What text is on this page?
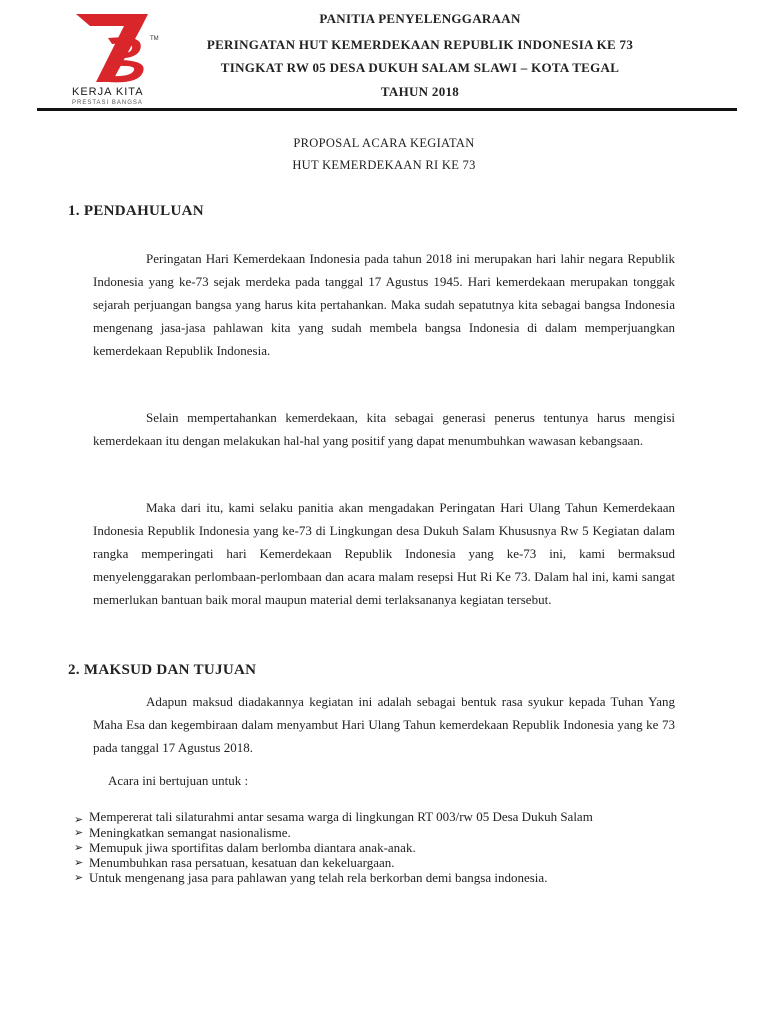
TM
KERJA KITA
PRESTASI BANGSA
PANITIA PENYELENGGARAAN
PERINGATAN HUT KEMERDEKAAN REPUBLIK INDONESIA KE 73
TINGKAT RW 05 DESA DUKUH SALAM SLAWI – KOTA TEGAL
TAHUN 2018
PROPOSAL ACARA KEGIATAN
HUT KEMERDEKAAN RI KE 73
1. PENDAHULUAN

Peringatan Hari Kemerdekaan Indonesia pada tahun 2018 ini merupakan hari lahir negara Republik Indonesia yang ke-73 sejak merdeka pada tanggal 17 Agustus 1945. Hari kemerdekaan merupakan tonggak sejarah perjuangan bangsa yang harus kita pertahankan. Maka sudah sepatutnya kita sebagai bangsa Indonesia mengenang jasa-jasa pahlawan kita yang sudah membela bangsa Indonesia di dalam memperjuangkan kemerdekaan Republik Indonesia.

Selain mempertahankan kemerdekaan, kita sebagai generasi penerus tentunya harus mengisi kemerdekaan itu dengan melakukan hal-hal yang positif yang dapat menumbuhkan wawasan kebangsaan.

Maka dari itu, kami selaku panitia akan mengadakan Peringatan Hari Ulang Tahun Kemerdekaan Indonesia Republik Indonesia yang ke-73 di Lingkungan desa Dukuh Salam Khususnya Rw 5 Kegiatan dalam rangka memperingati hari Kemerdekaan Republik Indonesia yang ke-73 ini, kami bermaksud menyelenggarakan perlombaan-perlombaan dan acara malam resepsi Hut Ri Ke 73. Dalam hal ini, kami sangat memerlukan bantuan baik moral maupun material demi terlaksananya kegiatan tersebut.

2. MAKSUD DAN TUJUAN

Adapun maksud diadakannya kegiatan ini adalah sebagai bentuk rasa syukur kepada Tuhan Yang Maha Esa dan kegembiraan dalam menyambut Hari Ulang Tahun kemerdekaan Republik Indonesia yang ke 73 pada tanggal 17 Agustus 2018.

Acara ini bertujuan untuk :
➢ Mempererat tali silaturahmi antar sesama warga di lingkungan RT 003/rw 05 Desa Dukuh Salam
➢ Meningkatkan semangat nasionalisme.
➢ Memupuk jiwa sportifitas dalam berlomba diantara anak-anak.
➢ Menumbuhkan rasa persatuan, kesatuan dan kekeluargaan.
➢ Untuk mengenang jasa para pahlawan yang telah rela berkorban demi bangsa indonesia.
